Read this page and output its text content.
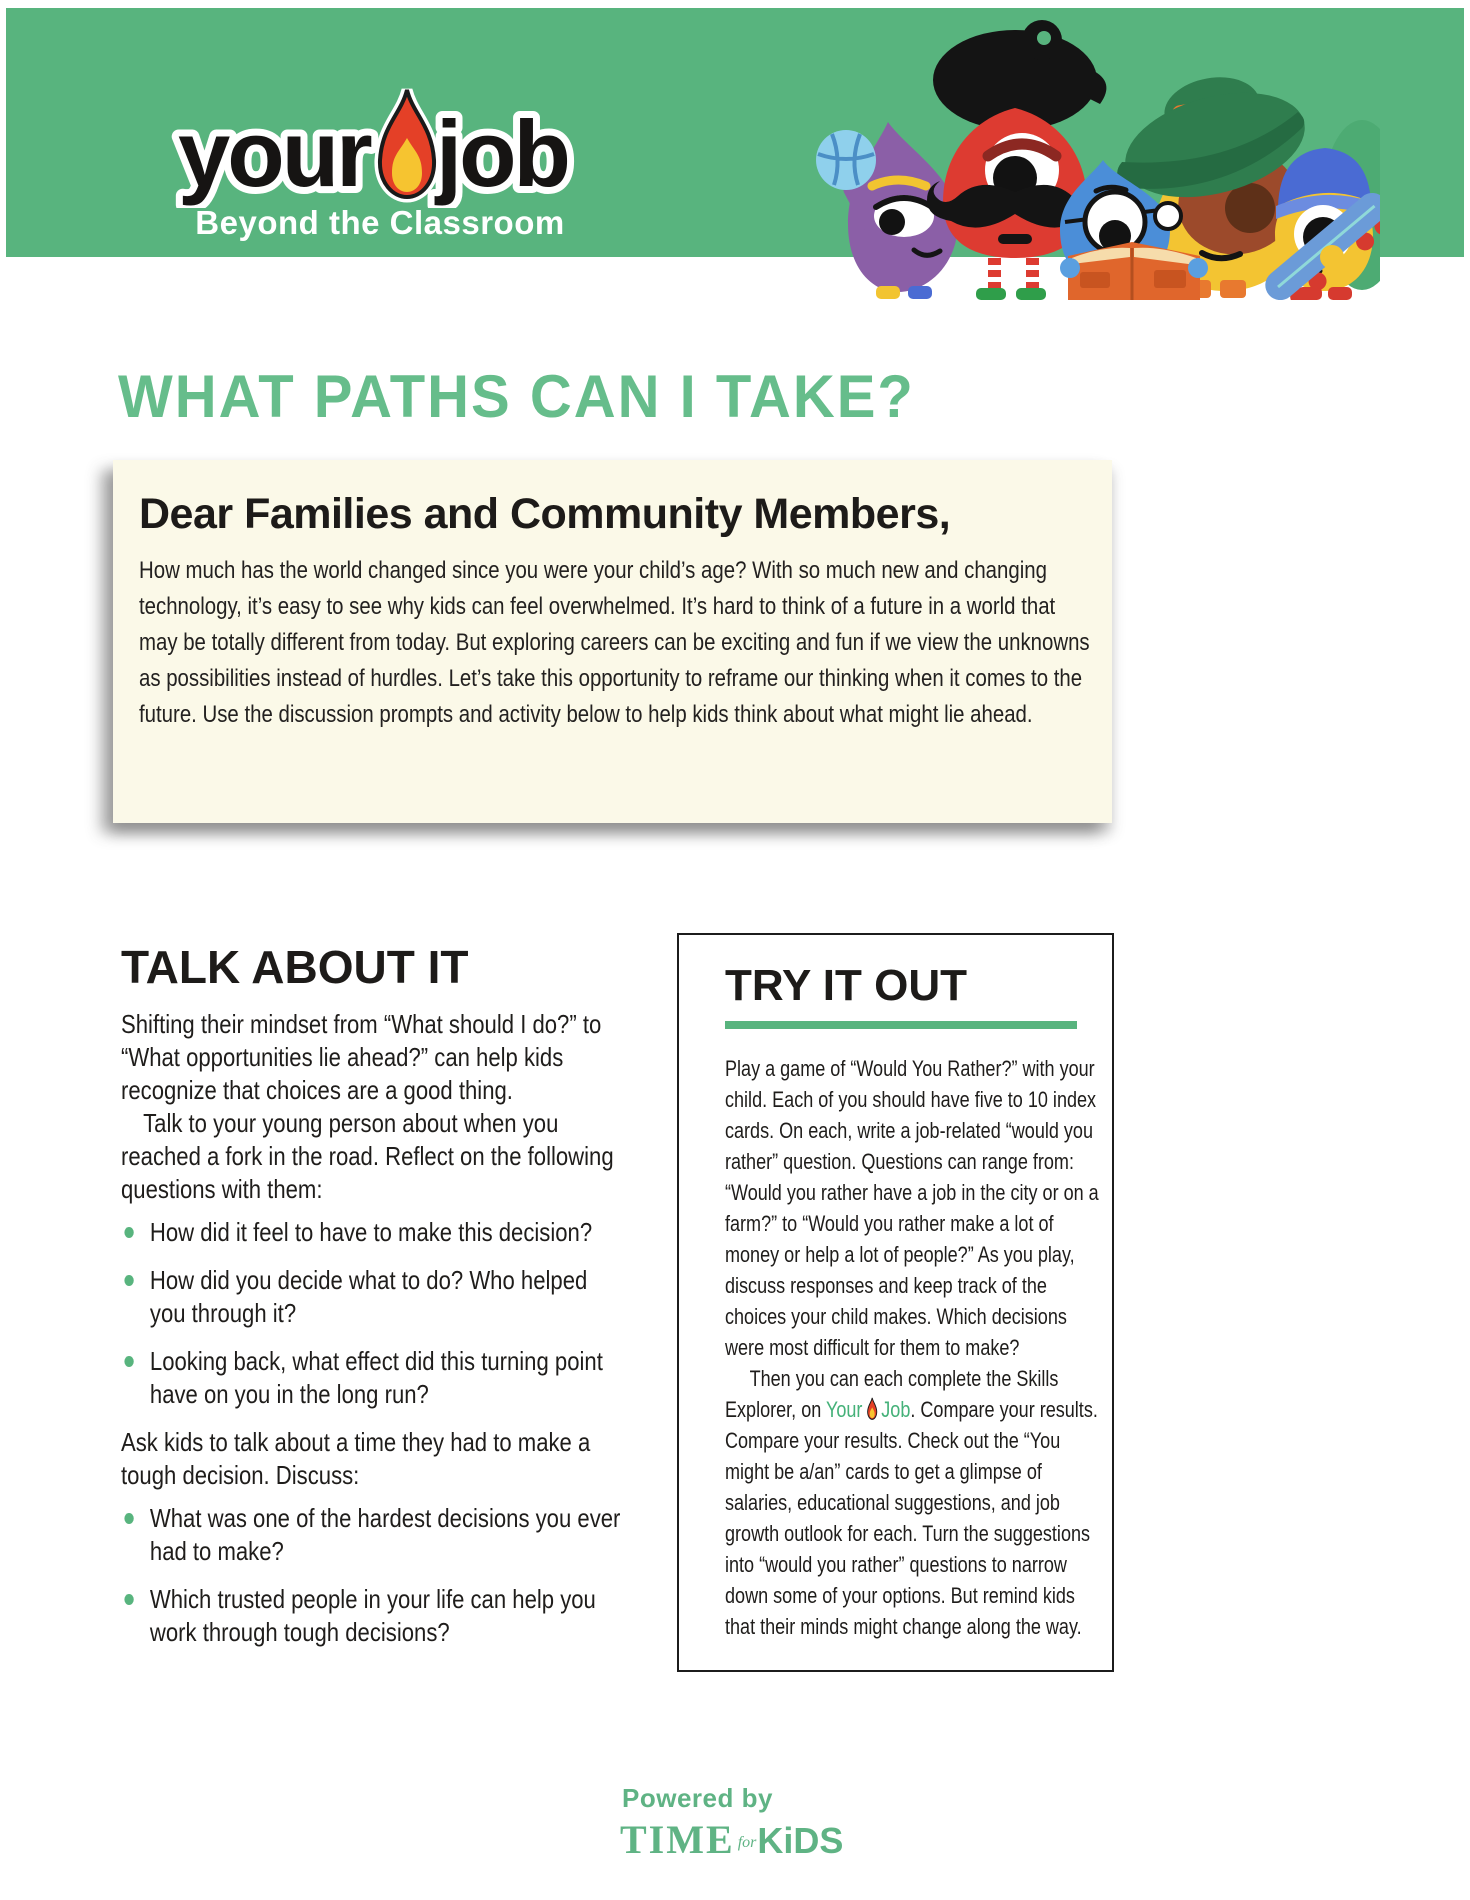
your job
Beyond the Classroom
WHAT PATHS CAN I TAKE?
Dear Families and Community Members,
How much has the world changed since you were your child’s age? With so much new and changing technology, it’s easy to see why kids can feel overwhelmed. It’s hard to think of a future in a world that may be totally different from today. But exploring careers can be exciting and fun if we view the unknowns as possibilities instead of hurdles. Let’s take this opportunity to reframe our thinking when it comes to the future. Use the discussion prompts and activity below to help kids think about what might lie ahead.
TALK ABOUT IT

Shifting their mindset from “What should I do?” to “What opportunities lie ahead?” can help kids recognize that choices are a good thing.

Talk to your young person about when you reached a fork in the road. Reflect on the following questions with them:

How did it feel to have to make this decision?
How did you decide what to do? Who helped you through it?
Looking back, what effect did this turning point have on you in the long run?

Ask kids to talk about a time they had to make a tough decision. Discuss:

What was one of the hardest decisions you ever had to make?
Which trusted people in your life can help you work through tough decisions?
TRY IT OUT

Play a game of “Would You Rather?” with your child. Each of you should have five to 10 index cards. On each, write a job-related “would you rather” question. Questions can range from: “Would you rather have a job in the city or on a farm?” to “Would you rather make a lot of money or help a lot of people?” As you play, discuss responses and keep track of the choices your child makes. Which decisions were most difficult for them to make?

Then you can each complete the Skills Explorer, on Your Job. Compare your results. Compare your results. Check out the “You might be a/an” cards to get a glimpse of salaries, educational suggestions, and job growth outlook for each. Turn the suggestions into “would you rather” questions to narrow down some of your options. But remind kids that their minds might change along the way.

Powered by
TIME forKiDS
